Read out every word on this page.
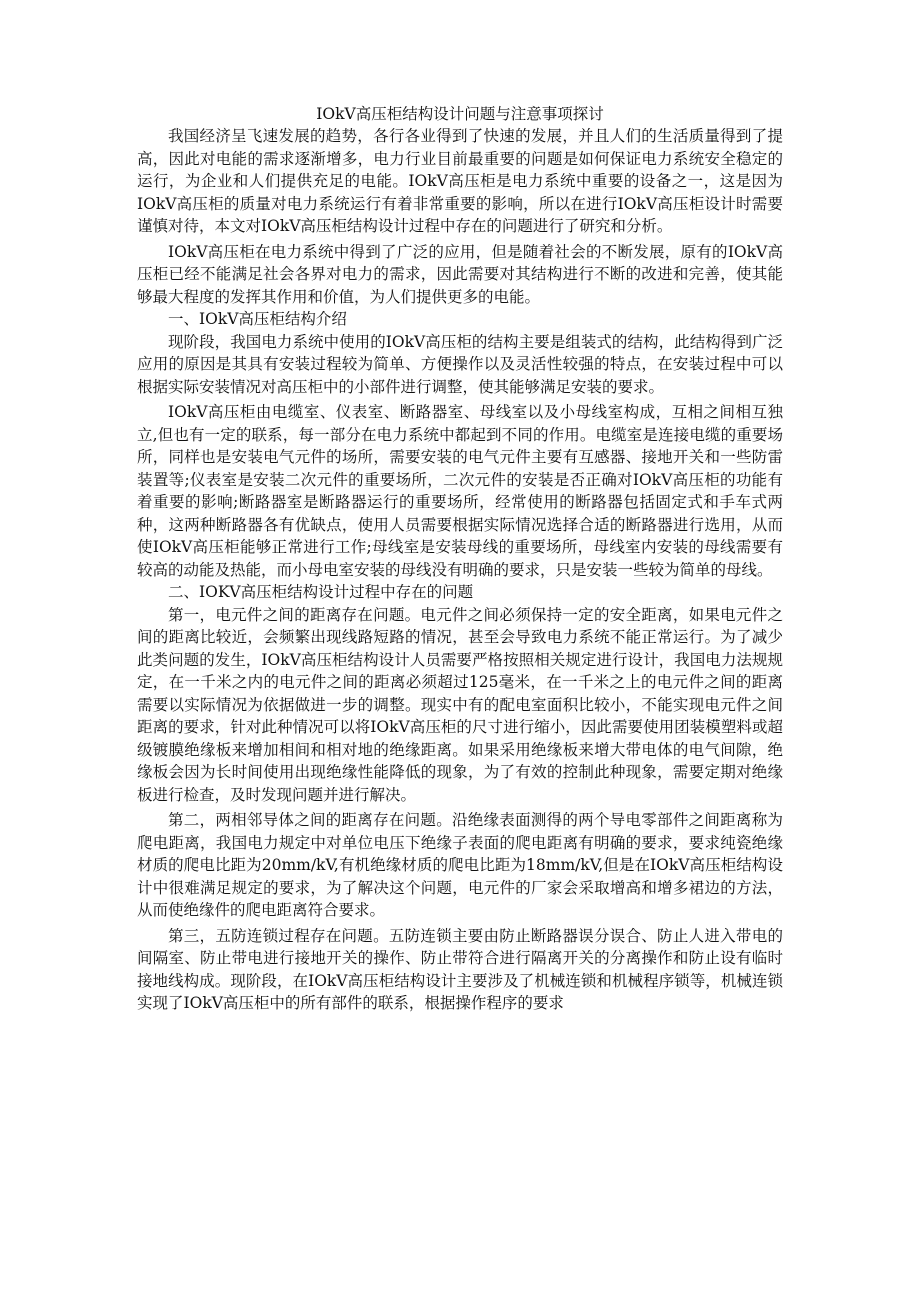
IOkV高压柜结构设计问题与注意事项探讨

我国经济呈飞速发展的趋势，各行各业得到了快速的发展，并且人们的生活质量得到了提高，因此对电能的需求逐渐增多，电力行业目前最重要的问题是如何保证电力系统安全稳定的运行，为企业和人们提供充足的电能。IOkV高压柜是电力系统中重要的设备之一，这是因为IOkV高压柜的质量对电力系统运行有着非常重要的影响，所以在进行IOkV高压柜设计时需要谨慎对待，本文对IOkV高压柜结构设计过程中存在的问题进行了研究和分析。

IOkV高压柜在电力系统中得到了广泛的应用，但是随着社会的不断发展，原有的IOkV高压柜已经不能满足社会各界对电力的需求，因此需要对其结构进行不断的改进和完善，使其能够最大程度的发挥其作用和价值，为人们提供更多的电能。

一、IOkV高压柜结构介绍

现阶段，我国电力系统中使用的IOkV高压柜的结构主要是组装式的结构，此结构得到广泛应用的原因是其具有安装过程较为简单、方便操作以及灵活性较强的特点，在安装过程中可以根据实际安装情况对高压柜中的小部件进行调整，使其能够满足安装的要求。

IOkV高压柜由电缆室、仪表室、断路器室、母线室以及小母线室构成，互相之间相互独立,但也有一定的联系，每一部分在电力系统中都起到不同的作用。电缆室是连接电缆的重要场所，同样也是安装电气元件的场所，需要安装的电气元件主要有互感器、接地开关和一些防雷装置等;仪表室是安装二次元件的重要场所，二次元件的安装是否正确对IOkV高压柜的功能有着重要的影响;断路器室是断路器运行的重要场所，经常使用的断路器包括固定式和手车式两种，这两种断路器各有优缺点，使用人员需要根据实际情况选择合适的断路器进行选用，从而使IOkV高压柜能够正常进行工作;母线室是安装母线的重要场所，母线室内安装的母线需要有较高的动能及热能，而小母电室安装的母线没有明确的要求，只是安装一些较为简单的母线。

二、IOKV高压柜结构设计过程中存在的问题

第一，电元件之间的距离存在问题。电元件之间必须保持一定的安全距离，如果电元件之间的距离比较近，会频繁出现线路短路的情况，甚至会导致电力系统不能正常运行。为了减少此类问题的发生，IOkV高压柜结构设计人员需要严格按照相关规定进行设计，我国电力法规规定，在一千米之内的电元件之间的距离必须超过125毫米，在一千米之上的电元件之间的距离需要以实际情况为依据做进一步的调整。现实中有的配电室面积比较小，不能实现电元件之间距离的要求，针对此种情况可以将IOkV高压柜的尺寸进行缩小，因此需要使用团装模塑料或超级镀膜绝缘板来增加相间和相对地的绝缘距离。如果采用绝缘板来增大带电体的电气间隙，绝缘板会因为长时间使用出现绝缘性能降低的现象，为了有效的控制此种现象，需要定期对绝缘板进行检查，及时发现问题并进行解决。

第二，两相邻导体之间的距离存在问题。沿绝缘表面测得的两个导电零部件之间距离称为爬电距离，我国电力规定中对单位电压下绝缘子表面的爬电距离有明确的要求，要求纯瓷绝缘材质的爬电比距为20mm∕kV,有机绝缘材质的爬电比距为18mm∕kV,但是在IOkV高压柜结构设计中很难满足规定的要求，为了解决这个问题，电元件的厂家会采取增高和增多裙边的方法，从而使绝缘件的爬电距离符合要求。

第三，五防连锁过程存在问题。五防连锁主要由防止断路器误分误合、防止人进入带电的间隔室、防止带电进行接地开关的操作、防止带符合进行隔离开关的分离操作和防止设有临时接地线构成。现阶段，在IOkV高压柜结构设计主要涉及了机械连锁和机械程序锁等，机械连锁实现了IOkV高压柜中的所有部件的联系，根据操作程序的要求
